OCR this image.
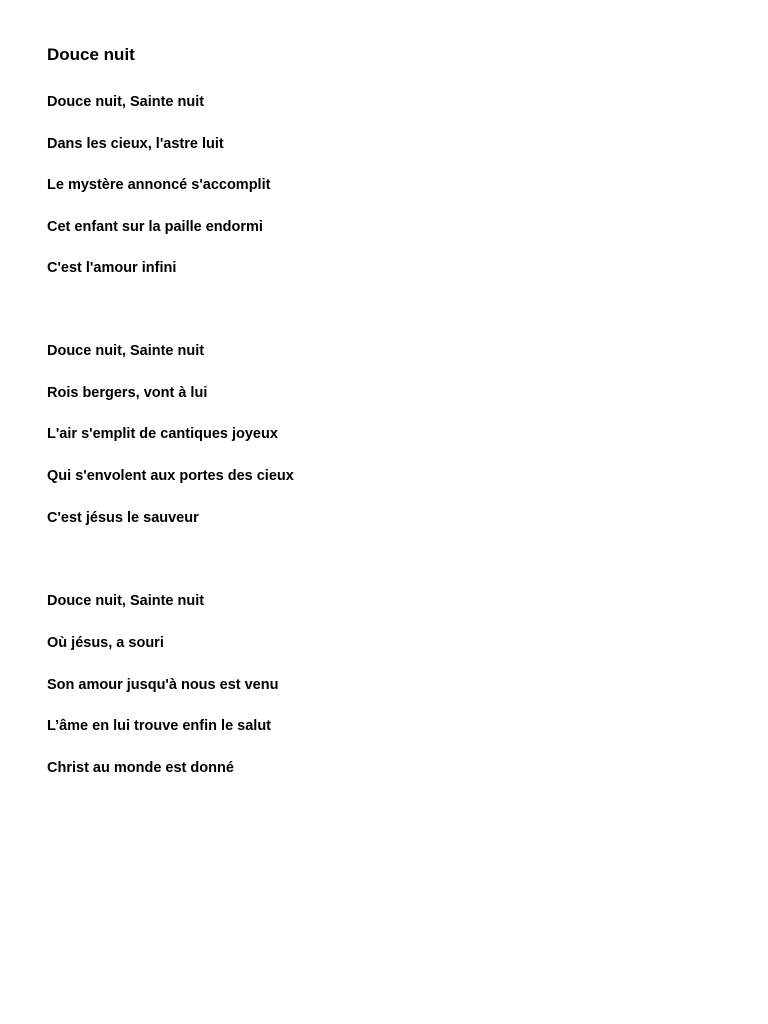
Douce nuit

Douce nuit, Sainte nuit

Dans les cieux, l'astre luit

Le mystère annoncé s'accomplit

Cet enfant sur la paille endormi

C'est l'amour infini

Douce nuit, Sainte nuit

Rois bergers, vont à lui

L'air s'emplit de cantiques joyeux

Qui s'envolent aux portes des cieux

C'est jésus le sauveur

Douce nuit, Sainte nuit

Où jésus, a souri

Son amour jusqu'à nous est venu

L’âme en lui trouve enfin le salut

Christ au monde est donné
